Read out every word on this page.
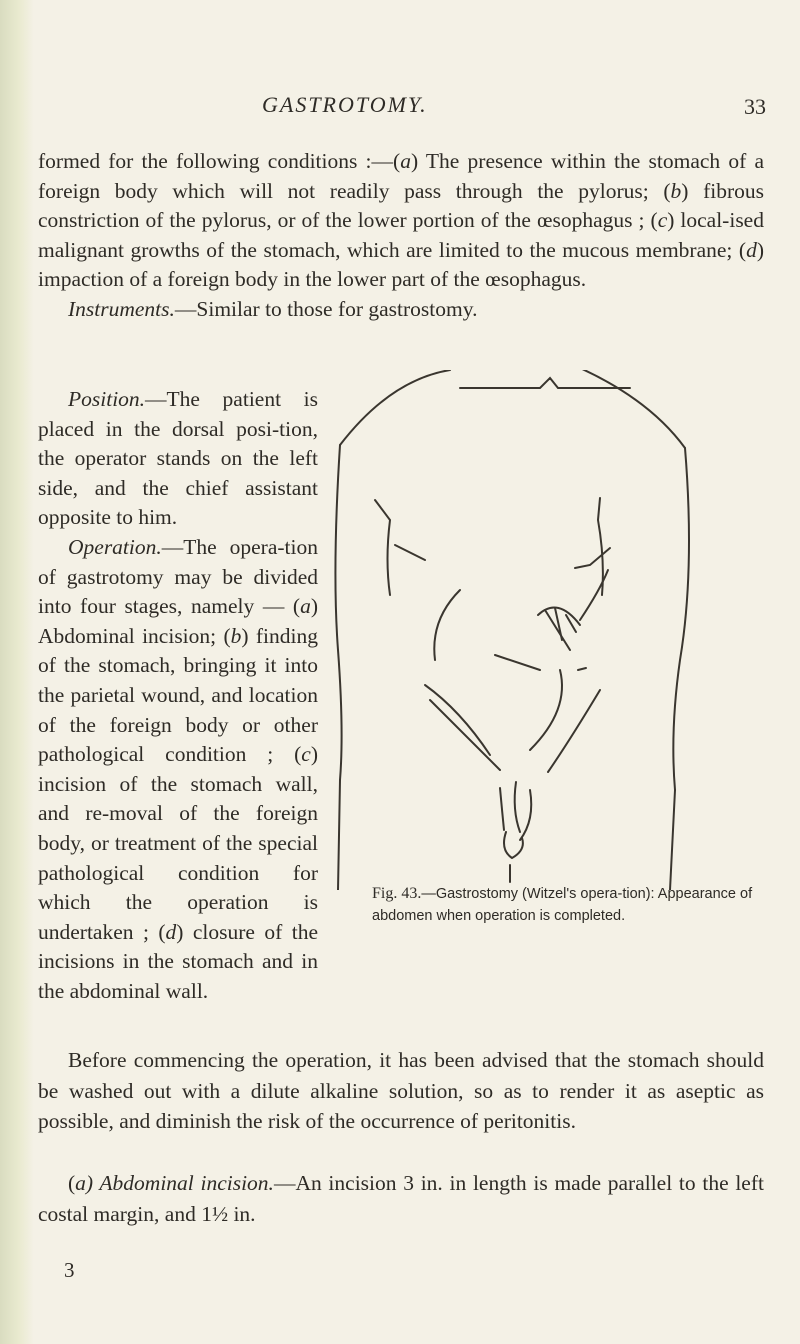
GASTROTOMY.	33

formed for the following conditions :—(a) The presence within the stomach of a foreign body which will not readily pass through the pylorus; (b) fibrous constriction of the pylorus, or of the lower portion of the œsophagus ; (c) local-ised malignant growths of the stomach, which are limited to the mucous membrane; (d) impaction of a foreign body in the lower part of the œsophagus.
Instruments.—Similar to those for gastrostomy.

Position.—The patient is placed in the dorsal posi-tion, the operator stands on the left side, and the chief assistant opposite to him.
Operation.—The opera-tion of gastrotomy may be divided into four stages, namely — (a) Abdominal incision; (b) finding of the stomach, bringing it into the parietal wound, and location of the foreign body or other pathological condition ; (c) incision of the stomach wall, and re-moval of the foreign body, or treatment of the special pathological condition for which the operation is undertaken ; (d) closure of the incisions in the stomach and in the abdominal wall.

Fig. 43.—Gastrostomy (Witzel's opera-tion): Appearance of abdomen when operation is completed.

Before commencing the operation, it has been advised that the stomach should be washed out with a dilute alkaline solution, so as to render it as aseptic as possible, and diminish the risk of the occurrence of peritonitis.

(a) Abdominal incision.—An incision 3 in. in length is made parallel to the left costal margin, and 1½ in.

3
